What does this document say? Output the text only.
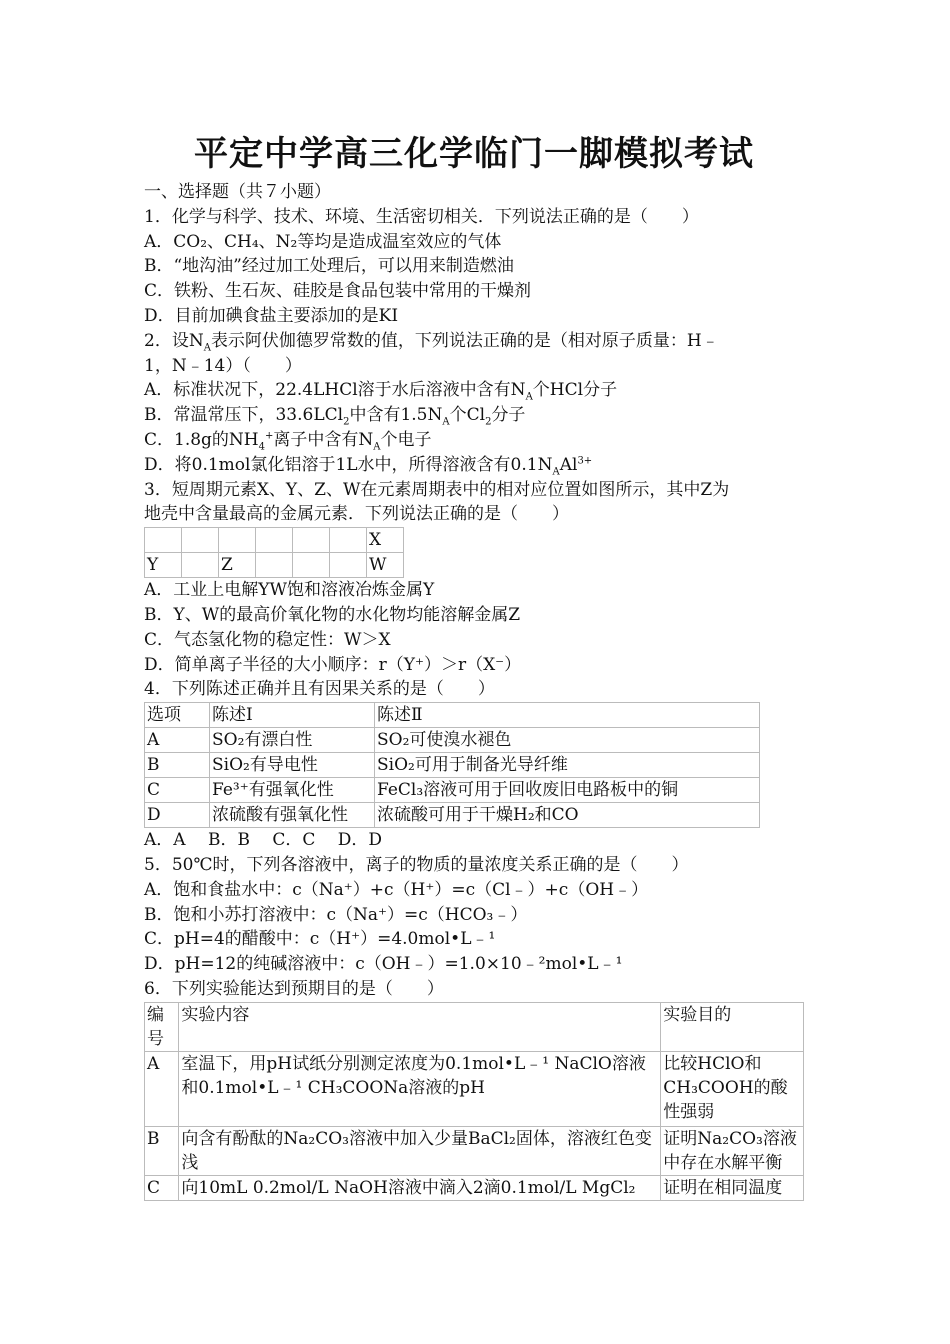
平定中学高三化学临门一脚模拟考试
一、选择题（共７小题）
1．化学与科学、技术、环境、生活密切相关．下列说法正确的是（　　）
A．CO₂、CH₄、N₂等均是造成温室效应的气体
B．“地沟油”经过加工处理后，可以用来制造燃油
C．铁粉、生石灰、硅胶是食品包装中常用的干燥剂
D．目前加碘食盐主要添加的是KI
2．设$N_A$表示阿伏伽德罗常数的值，下列说法正确的是（相对原子质量：H﹣
1，N﹣14）（　　）
A．标准状况下，22.4LHCl溶于水后溶液中含有$N_A$个HCl分子
B．常温常压下，33.6LCl$_2$中含有$1.5N_A$个$Cl_2$分子
C．1.8g的$NH_4^+$离子中含有$N_A$个电子
D．将0.1mol氯化铝溶于1L水中，所得溶液含有$0.1N_AAl^{3+}$
3．短周期元素X、Y、Z、W在元素周期表中的相对应位置如图所示，其中Z为
地壳中含量最高的金属元素．下列说法正确的是（　　）
						X
Y		Z				W
A．工业上电解YW饱和溶液冶炼金属Y
B．Y、W的最高价氧化物的水化物均能溶解金属Z
C．气态氢化物的稳定性：W＞X
D．简单离子半径的大小顺序：r（Y⁺）＞r（X⁻）
4．下列陈述正确并且有因果关系的是（　　）
选项	陈述Ⅰ	陈述Ⅱ
A	SO₂有漂白性	SO₂可使溴水褪色
B	SiO₂有导电性	SiO₂可用于制备光导纤维
C	Fe³⁺有强氧化性	FeCl₃溶液可用于回收废旧电路板中的铜
D	浓硫酸有强氧化性	浓硫酸可用于干燥H₂和CO
A．A　 B．B　 C．C　 D．D
5．50℃时，下列各溶液中，离子的物质的量浓度关系正确的是（　　）
A．饱和食盐水中：c（Na⁺）+c（H⁺）=c（Cl﹣）+c（OH﹣）
B．饱和小苏打溶液中：c（Na⁺）=c（HCO₃﹣）
C．pH=4的醋酸中：c（H⁺）=4.0mol•L﹣¹
D．pH=12的纯碱溶液中：c（OH﹣）=1.0×10﹣²mol•L﹣¹
6．下列实验能达到预期目的是（　　）
编号	实验内容	实验目的
A	室温下，用pH试纸分别测定浓度为0.1mol•L﹣¹ NaClO溶液和0.1mol•L﹣¹ CH₃COONa溶液的pH	比较HClO和CH₃COOH的酸性强弱
B	向含有酚酞的Na₂CO₃溶液中加入少量BaCl₂固体，溶液红色变浅	证明Na₂CO₃溶液中存在水解平衡
C	向10mL 0.2mol/L NaOH溶液中滴入2滴0.1mol/L MgCl₂	证明在相同温度
